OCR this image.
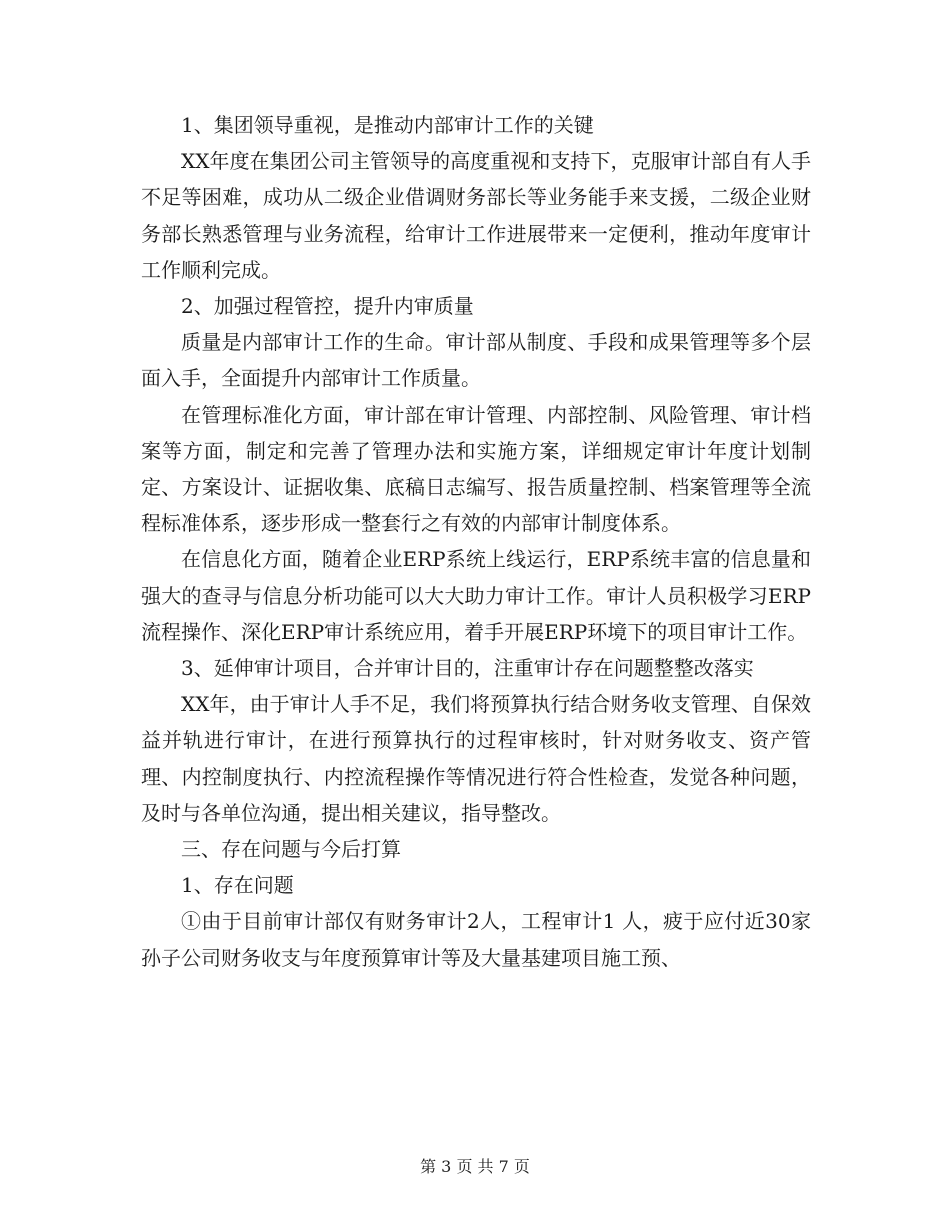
1、集团领导重视，是推动内部审计工作的关键

XX年度在集团公司主管领导的高度重视和支持下，克服审计部自有人手不足等困难，成功从二级企业借调财务部长等业务能手来支援，二级企业财务部长熟悉管理与业务流程，给审计工作进展带来一定便利，推动年度审计工作顺利完成。

2、加强过程管控，提升内审质量

质量是内部审计工作的生命。审计部从制度、手段和成果管理等多个层面入手，全面提升内部审计工作质量。

在管理标准化方面，审计部在审计管理、内部控制、风险管理、审计档案等方面，制定和完善了管理办法和实施方案，详细规定审计年度计划制定、方案设计、证据收集、底稿日志编写、报告质量控制、档案管理等全流程标准体系，逐步形成一整套行之有效的内部审计制度体系。

在信息化方面，随着企业ERP系统上线运行，ERP系统丰富的信息量和强大的查寻与信息分析功能可以大大助力审计工作。审计人员积极学习ERP流程操作、深化ERP审计系统应用，着手开展ERP环境下的项目审计工作。

3、延伸审计项目，合并审计目的，注重审计存在问题整整改落实

XX年，由于审计人手不足，我们将预算执行结合财务收支管理、自保效益并轨进行审计，在进行预算执行的过程审核时，针对财务收支、资产管理、内控制度执行、内控流程操作等情况进行符合性检查，发觉各种问题，及时与各单位沟通，提出相关建议，指导整改。

三、存在问题与今后打算

1、存在问题

①由于目前审计部仅有财务审计2人，工程审计1 人，疲于应付近30家孙子公司财务收支与年度预算审计等及大量基建项目施工预、

第 3 页 共 7 页
